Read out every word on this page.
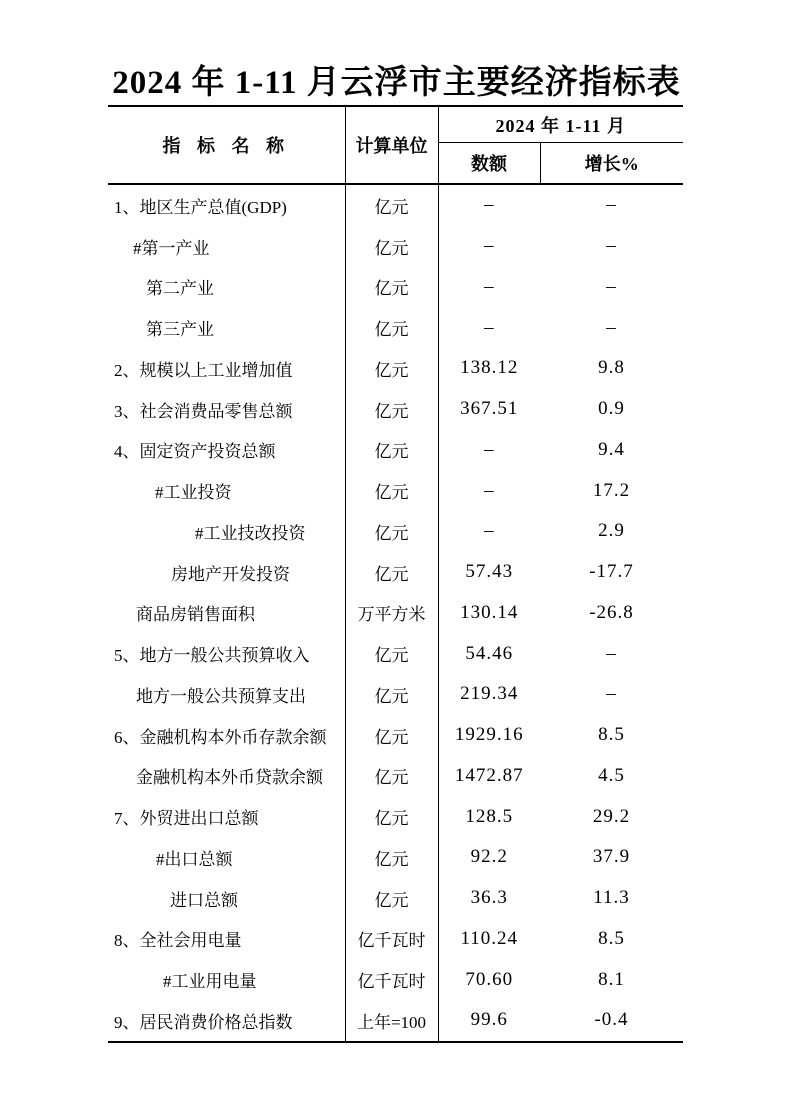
2024 年 1-11 月云浮市主要经济指标表
指 标 名 称	计算单位	2024 年 1-11 月	
		数额	增长%
1、地区生产总值(GDP)	亿元	–	–
#第一产业	亿元	–	–
第二产业	亿元	–	–
第三产业	亿元	–	–
2、规模以上工业增加值	亿元	138.12	9.8
3、社会消费品零售总额	亿元	367.51	0.9
4、固定资产投资总额	亿元	–	9.4
#工业投资	亿元	–	17.2
#工业技改投资	亿元	–	2.9
房地产开发投资	亿元	57.43	-17.7
商品房销售面积	万平方米	130.14	-26.8
5、地方一般公共预算收入	亿元	54.46	–
地方一般公共预算支出	亿元	219.34	–
6、金融机构本外币存款余额	亿元	1929.16	8.5
金融机构本外币贷款余额	亿元	1472.87	4.5
7、外贸进出口总额	亿元	128.5	29.2
#出口总额	亿元	92.2	37.9
进口总额	亿元	36.3	11.3
8、全社会用电量	亿千瓦时	110.24	8.5
#工业用电量	亿千瓦时	70.60	8.1
9、居民消费价格总指数	上年=100	99.6	-0.4
